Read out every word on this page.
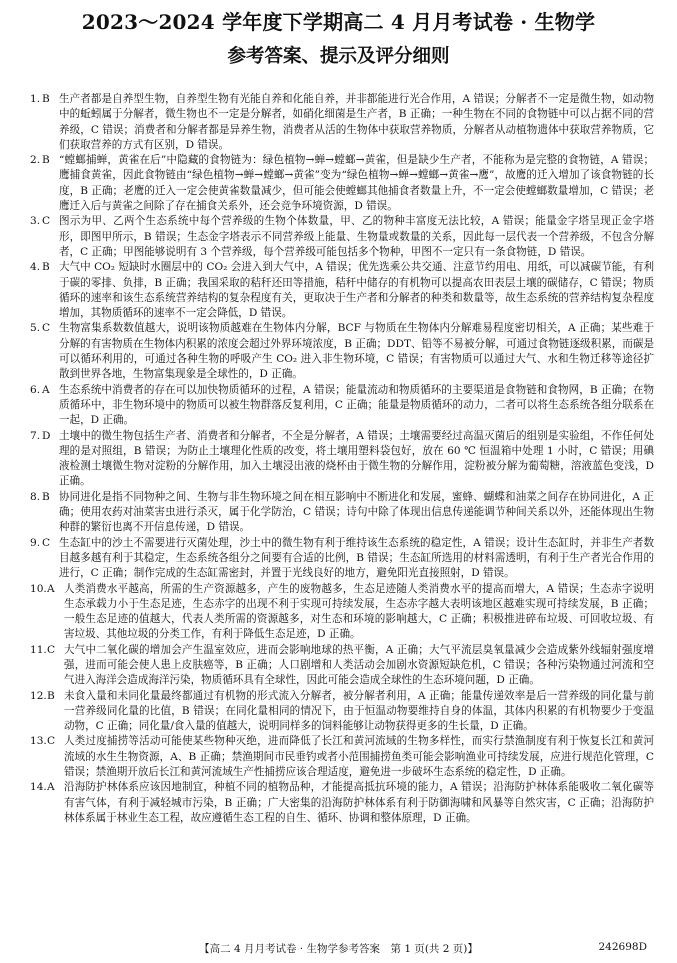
2023～2024 学年度下学期高二 4 月月考试卷 · 生物学
参考答案、提示及评分细则
1. B 生产者都是自养型生物，自养型生物有光能自养和化能自养，并非都能进行光合作用，A 错误；分解者不一定是微生物，如动物中的蚯蚓属于分解者，微生物也不一定是分解者，如硝化细菌是生产者，B 正确；一种生物在不同的食物链中可以占据不同的营养级，C 错误；消费者和分解者都是异养生物，消费者从活的生物体中获取营养物质，分解者从动植物遗体中获取营养物质，它们获取营养的方式有区别，D 错误。
2. B “螳螂捕蝉，黄雀在后”中隐藏的食物链为：绿色植物→蝉→螳螂→黄雀，但是缺少生产者，不能称为是完整的食物链，A 错误；鹰捕食黄雀，因此食物链由“绿色植物→蝉→螳螂→黄雀”变为“绿色植物→蝉→螳螂→黄雀→鹰”，故鹰的迁入增加了该食物链的长度，B 正确；老鹰的迁入一定会使黄雀数量减少，但可能会使螳螂其他捕食者数量上升，不一定会使螳螂数量增加，C 错误；老鹰迁入后与黄雀之间除了存在捕食关系外，还会竞争环境资源，D 错误。
3. C 图示为甲、乙两个生态系统中每个营养级的生物个体数量，甲、乙的物种丰富度无法比较，A 错误；能量金字塔呈现正金字塔形，即图甲所示，B 错误；生态金字塔表示不同营养级上能量、生物量或数量的关系，因此每一层代表一个营养级，不包含分解者，C 正确；甲图能够说明有 3 个营养级，每个营养级可能包括多个物种，甲图不一定只有一条食物链，D 错误。
4. B 大气中 CO₂ 短缺时水圈层中的 CO₂ 会进入到大气中，A 错误；优先选乘公共交通、注意节约用电、用纸，可以减碳节能，有利于碳的零排、负排，B 正确；我国采取的秸秆还田等措施，秸秆中储存的有机物可以提高农田表层土壤的碳储存，C 错误；物质循环的速率和该生态系统营养结构的复杂程度有关，更取决于生产者和分解者的种类和数量等，故生态系统的营养结构复杂程度增加，其物质循环的速率不一定会降低，D 错误。
5. C 生物富集系数数值越大，说明该物质越难在生物体内分解，BCF 与物质在生物体内分解难易程度密切相关，A 正确；某些难于分解的有害物质在生物体内积累的浓度会超过外界环境浓度，B 正确；DDT、铅等不易被分解，可通过食物链逐级积累，而碳是可以循环利用的，可通过各种生物的呼吸产生 CO₂ 进入非生物环境，C 错误；有害物质可以通过大气、水和生物迁移等途径扩散到世界各地，生物富集现象是全球性的，D 正确。
6. A 生态系统中消费者的存在可以加快物质循环的过程，A 错误；能量流动和物质循环的主要渠道是食物链和食物网，B 正确；在物质循环中，非生物环境中的物质可以被生物群落反复利用，C 正确；能量是物质循环的动力，二者可以将生态系统各组分联系在一起，D 正确。
7. D 土壤中的微生物包括生产者、消费者和分解者，不全是分解者，A 错误；土壤需要经过高温灭菌后的组别是实验组，不作任何处理的是对照组，B 错误；为防止土壤理化性质的改变，将土壤用塑料袋包好，放在 60 ℃ 恒温箱中处理 1 小时，C 错误；用碘液检测土壤微生物对淀粉的分解作用，加入土壤浸出液的烧杯由于微生物的分解作用，淀粉被分解为葡萄糖，溶液蓝色变浅，D 正确。
8. B 协同进化是指不同物种之间、生物与非生物环境之间在相互影响中不断进化和发展，蜜蜂、蝴蝶和油菜之间存在协同进化，A 正确；使用农药对油菜害虫进行杀灭，属于化学防治，C 错误；诗句中除了体现出信息传递能调节种间关系以外，还能体现出生物种群的繁衍也离不开信息传递，D 错误。
9. C 生态缸中的沙土不需要进行灭菌处理，沙土中的微生物有利于维持该生态系统的稳定性，A 错误；设计生态缸时，并非生产者数目越多越有利于其稳定，生态系统各组分之间要有合适的比例，B 错误；生态缸所选用的材料需透明，有利于生产者光合作用的进行，C 正确；制作完成的生态缸需密封，并置于光线良好的地方，避免阳光直接照射，D 错误。
10. A 人类消费水平越高，所需的生产资源越多，产生的废物越多，生态足迹随人类消费水平的提高而增大，A 错误；生态赤字说明生态承载力小于生态足迹，生态赤字的出现不利于实现可持续发展，生态赤字越大表明该地区越难实现可持续发展，B 正确；一般生态足迹的值越大，代表人类所需的资源越多，对生态和环境的影响越大，C 正确；积极推进碎布垃圾、可回收垃圾、有害垃圾、其他垃圾的分类工作，有利于降低生态足迹，D 正确。
11. C 大气中二氧化碳的增加会产生温室效应，进而会影响地球的热平衡，A 正确；大气平流层臭氧量减少会造成紫外线辐射强度增强，进而可能会使人患上皮肤癌等，B 正确；人口剧增和人类活动会加剧水资源短缺危机，C 错误；各种污染物通过河流和空气进入海洋会造成海洋污染，物质循环具有全球性，因此可能会造成全球性的生态环境问题，D 正确。
12. B 未食入量和未同化量最终都通过有机物的形式流入分解者，被分解者利用，A 正确；能量传递效率是后一营养级的同化量与前一营养级同化量的比值，B 错误；在同化量相同的情况下，由于恒温动物要维持自身的体温，其体内积累的有机物要少于变温动物，C 正确；同化量/食入量的值越大，说明同样多的饲料能够让动物获得更多的生长量，D 正确。
13. C 人类过度捕捞等活动可能使某些物种灭绝，进而降低了长江和黄河流域的生物多样性，而实行禁渔制度有利于恢复长江和黄河流域的水生生物资源，A、B 正确；禁渔期间市民垂钓或者小范围捕捞鱼类可能会影响渔业可持续发展，应进行规范化管理，C 错误；禁渔期开放后长江和黄河流域生产性捕捞应该合理适度，避免进一步破坏生态系统的稳定性，D 正确。
14. A 沿海防护林体系应该因地制宜，种植不同的植物品种，才能提高抵抗环境的能力，A 错误；沿海防护林体系能吸收二氧化碳等有害气体，有利于减轻城市污染，B 正确；广大密集的沿海防护林体系有利于防御海啸和风暴等自然灾害，C 正确；沿海防护林体系属于林业生态工程，故应遵循生态工程的自生、循环、协调和整体原理，D 正确。
【高二 4 月月考试卷 · 生物学参考答案　第 1 页(共 2 页)】	242698D
